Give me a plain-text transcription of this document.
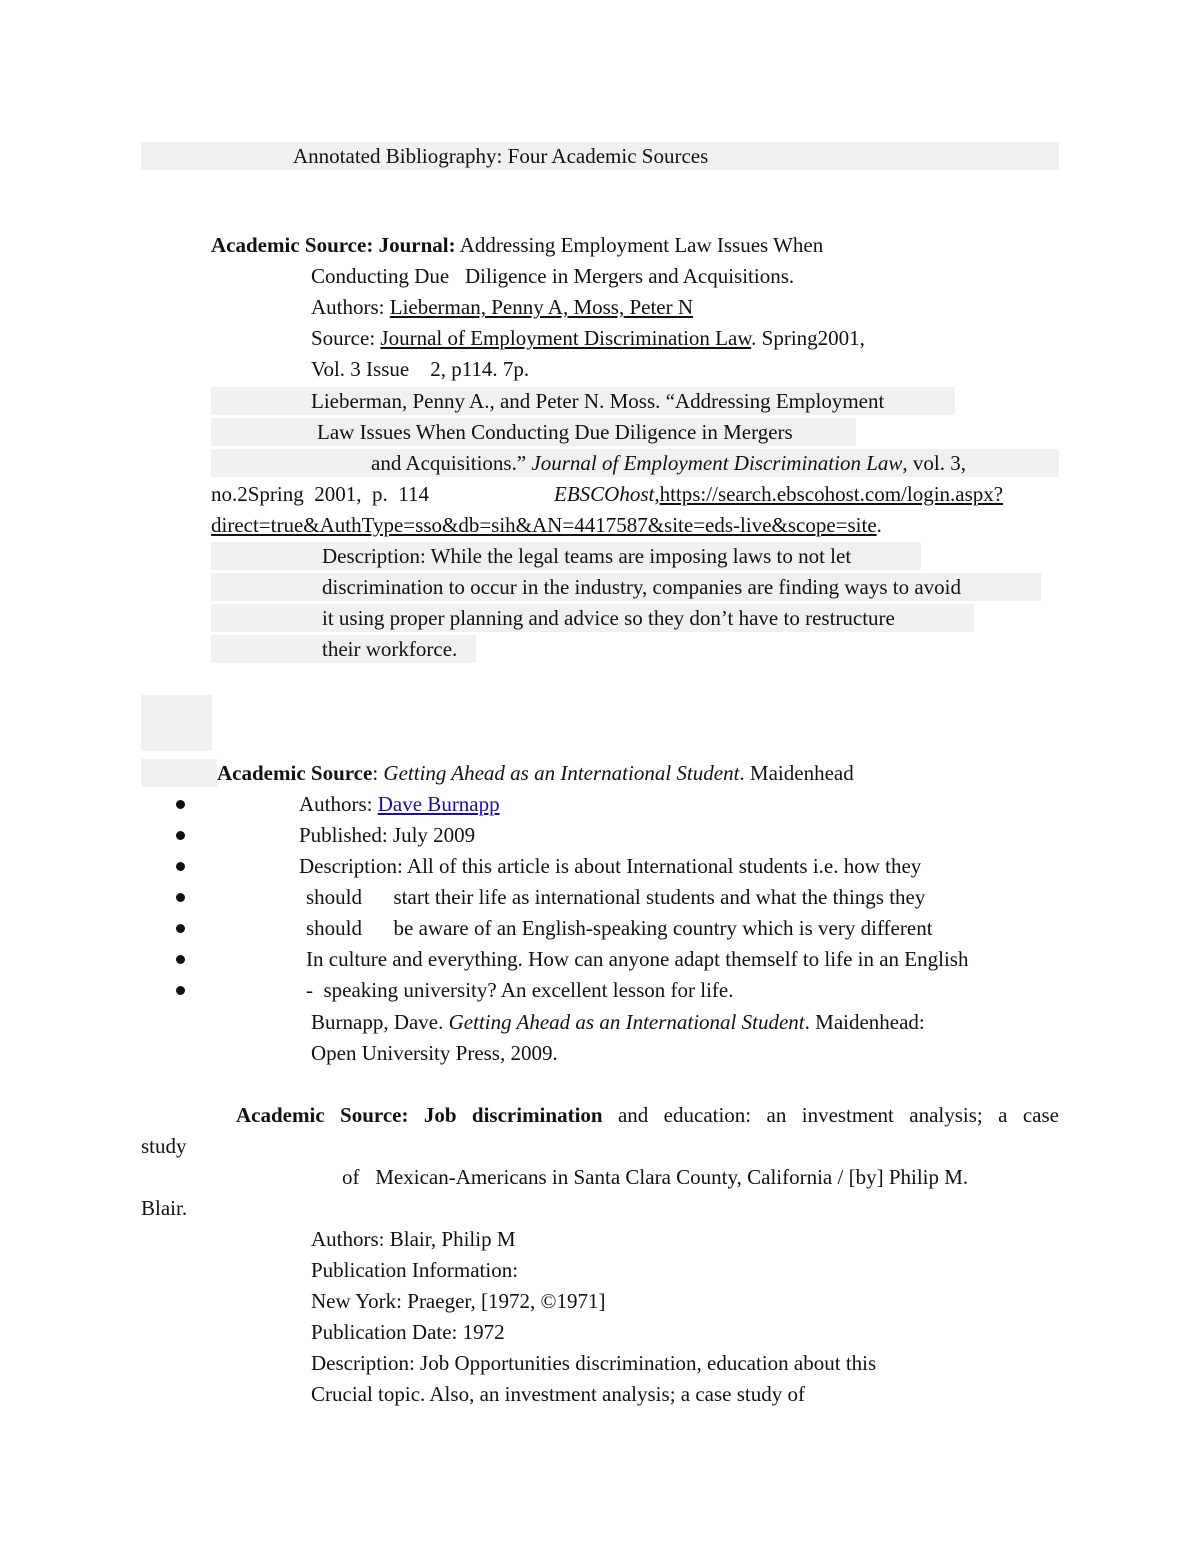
Annotated Bibliography: Four Academic Sources
Academic Source: Journal: Addressing Employment Law Issues When
Conducting Due   Diligence in Mergers and Acquisitions.
Authors: Lieberman, Penny A, Moss, Peter N
Source: Journal of Employment Discrimination Law. Spring2001,
Vol. 3 Issue    2, p114. 7p.
Lieberman, Penny A., and Peter N. Moss. “Addressing Employment
Law Issues When Conducting Due Diligence in Mergers
and Acquisitions.” Journal of Employment Discrimination Law, vol. 3,
no.2Spring  2001,  p.  114	EBSCOhost,https://search.ebscohost.com/login.aspx?
direct=true&AuthType=sso&db=sih&AN=4417587&site=eds-live&scope=site.
Description: While the legal teams are imposing laws to not let
discrimination to occur in the industry, companies are finding ways to avoid
it using proper planning and advice so they don’t have to restructure
their workforce.
Academic Source: Getting Ahead as an International Student. Maidenhead
Authors: Dave Burnapp
Published: July 2009
Description: All of this article is about International students i.e. how they
should      start their life as international students and what the things they
should      be aware of an English-speaking country which is very different
In culture and everything. How can anyone adapt themself to life in an English
-  speaking university? An excellent lesson for life.
Burnapp, Dave. Getting Ahead as an International Student. Maidenhead:
Open University Press, 2009.
Academic Source: Job discrimination and education: an investment analysis; a case
study
of   Mexican-Americans in Santa Clara County, California / [by] Philip M.
Blair.
Authors: Blair, Philip M
Publication Information:
New York: Praeger, [1972, ©1971]
Publication Date: 1972
Description: Job Opportunities discrimination, education about this
Crucial topic. Also, an investment analysis; a case study of
